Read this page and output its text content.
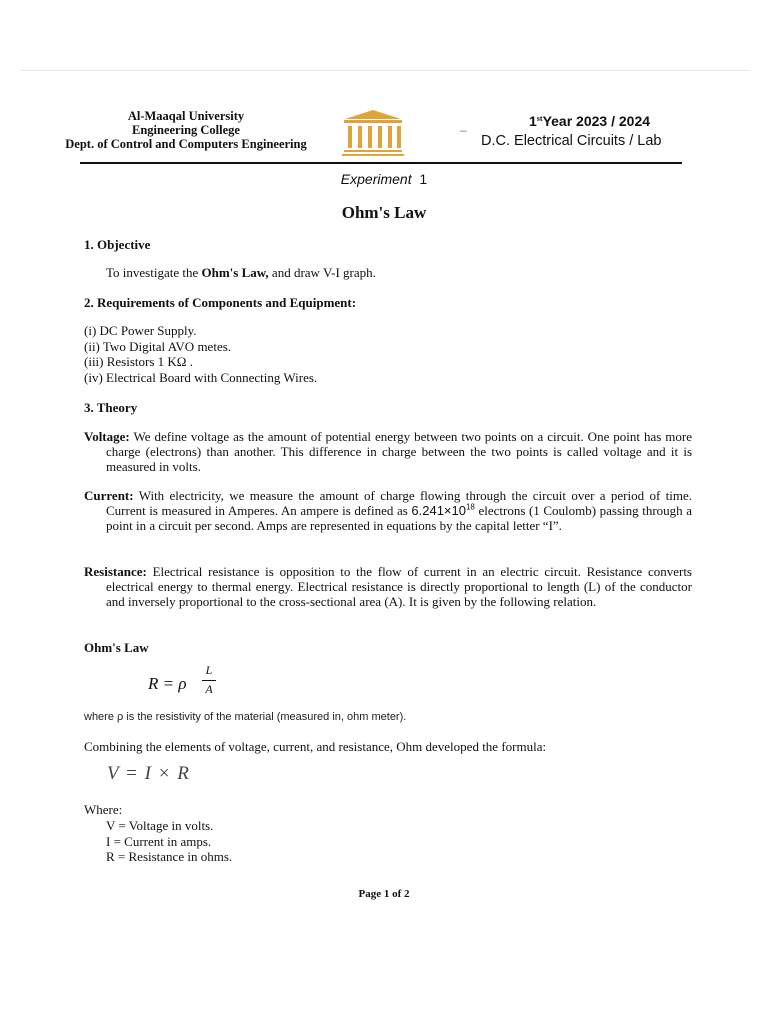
Al-Maaqal University
Engineering College
Dept. of Control and Computers Engineering
_	1stYear 2023 / 2024
D.C. Electrical Circuits / Lab
Experiment 1
Ohm's Law
1. Objective
To investigate the Ohm's Law, and draw V-I graph.
2. Requirements of Components and Equipment:
(i) DC Power Supply.
(ii) Two Digital AVO metes.
(iii) Resistors 1 KΩ .
(iv) Electrical Board with Connecting Wires.
3. Theory
Voltage: We define voltage as the amount of potential energy between two points on a circuit. One point has more charge (electrons) than another. This difference in charge between the two points is called voltage and it is measured in volts.
Current: With electricity, we measure the amount of charge flowing through the circuit over a period of time. Current is measured in Amperes. An ampere is defined as $6.241\times 10^{18}$ electrons (1 Coulomb) passing through a point in a circuit per second. Amps are represented in equations by the capital letter “I”.
Resistance: Electrical resistance is opposition to the flow of current in an electric circuit. Resistance converts electrical energy to thermal energy. Electrical resistance is directly proportional to length (L) of the conductor and inversely proportional to the cross-sectional area (A). It is given by the following relation.
Ohm's Law
R = ρ
L
A
where ρ is the resistivity of the material (measured in, ohm meter).
Combining the elements of voltage, current, and resistance, Ohm developed the formula:
V = I × R
Where:
V = Voltage in volts.
I = Current in amps.
R = Resistance in ohms.
Page 1 of 2
